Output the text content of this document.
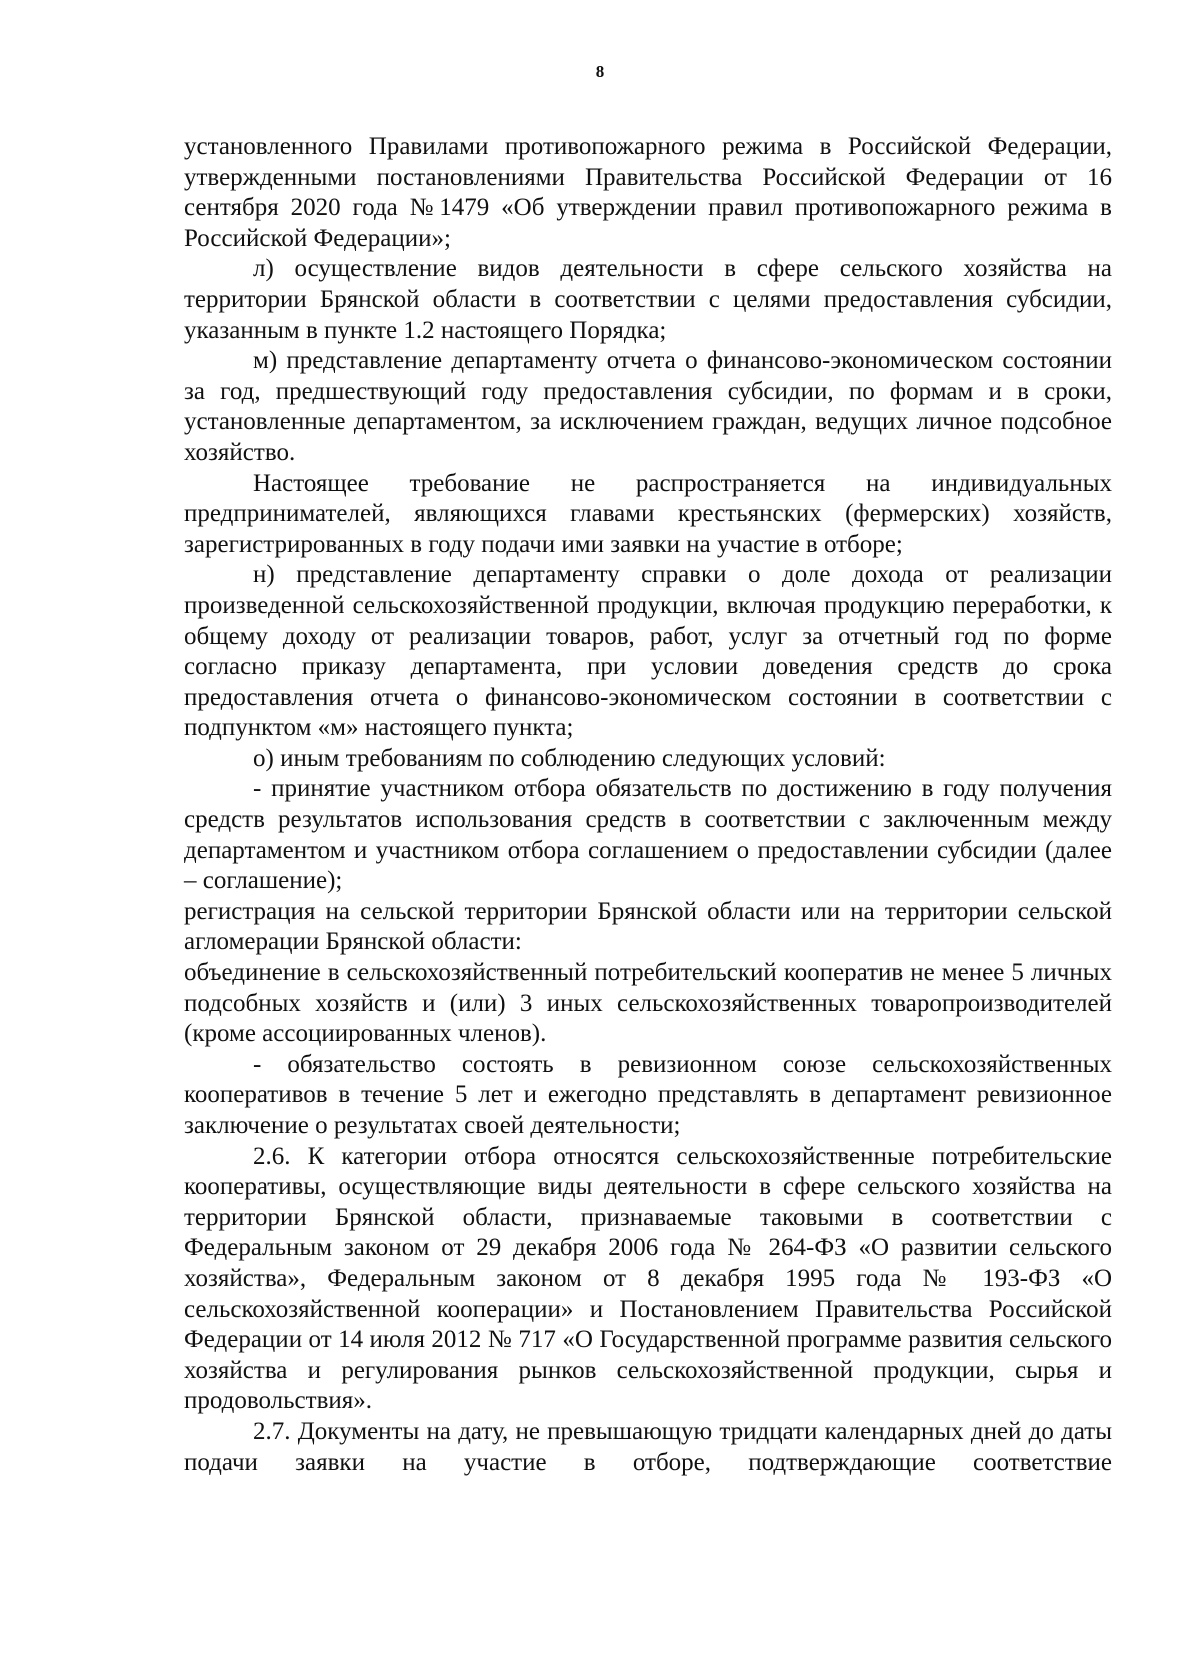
8

установленного Правилами противопожарного режима в Российской Федерации, утвержденными постановлениями Правительства Российской Федерации от 16 сентября 2020 года №1479 «Об утверждении правил противопожарного режима в Российской Федерации»;

л) осуществление видов деятельности в сфере сельского хозяйства на территории Брянской области в соответствии с целями предоставления субсидии, указанным в пункте 1.2 настоящего Порядка;

м) представление департаменту отчета о финансово-экономическом состоянии за год, предшествующий году предоставления субсидии, по формам и в сроки, установленные департаментом, за исключением граждан, ведущих личное подсобное хозяйство.

Настоящее требование не распространяется на индивидуальных предпринимателей, являющихся главами крестьянских (фермерских) хозяйств, зарегистрированных в году подачи ими заявки на участие в отборе;

н) представление департаменту справки о доле дохода от реализации произведенной сельскохозяйственной продукции, включая продукцию переработки, к общему доходу от реализации товаров, работ, услуг за отчетный год по форме согласно приказу департамента, при условии доведения средств до срока предоставления отчета о финансово-экономическом состоянии в соответствии с подпунктом «м» настоящего пункта;

о) иным требованиям по соблюдению следующих условий:

- принятие участником отбора обязательств по достижению в году получения средств результатов использования средств в соответствии с заключенным между департаментом и участником отбора соглашением о предоставлении субсидии (далее – соглашение);

регистрация на сельской территории Брянской области или на территории сельской агломерации Брянской области:

объединение в сельскохозяйственный потребительский кооператив не менее 5 личных подсобных хозяйств и (или) 3 иных сельскохозяйственных товаропроизводителей (кроме ассоциированных членов).

- обязательство состоять в ревизионном союзе сельскохозяйственных кооперативов в течение 5 лет и ежегодно представлять в департамент ревизионное заключение о результатах своей деятельности;

2.6. К категории отбора относятся сельскохозяйственные потребительские кооперативы, осуществляющие виды деятельности в сфере сельского хозяйства на территории Брянской области, признаваемые таковыми в соответствии с Федеральным законом от 29 декабря 2006 года № 264-ФЗ «О развитии сельского хозяйства», Федеральным законом от 8 декабря 1995 года № 193-ФЗ «О сельскохозяйственной кооперации» и Постановлением Правительства Российской Федерации от 14 июля 2012 № 717 «О Государственной программе развития сельского хозяйства и регулирования рынков сельскохозяйственной продукции, сырья и продовольствия».

2.7. Документы на дату, не превышающую тридцати календарных дней до даты подачи заявки на участие в отборе, подтверждающие соответствие
